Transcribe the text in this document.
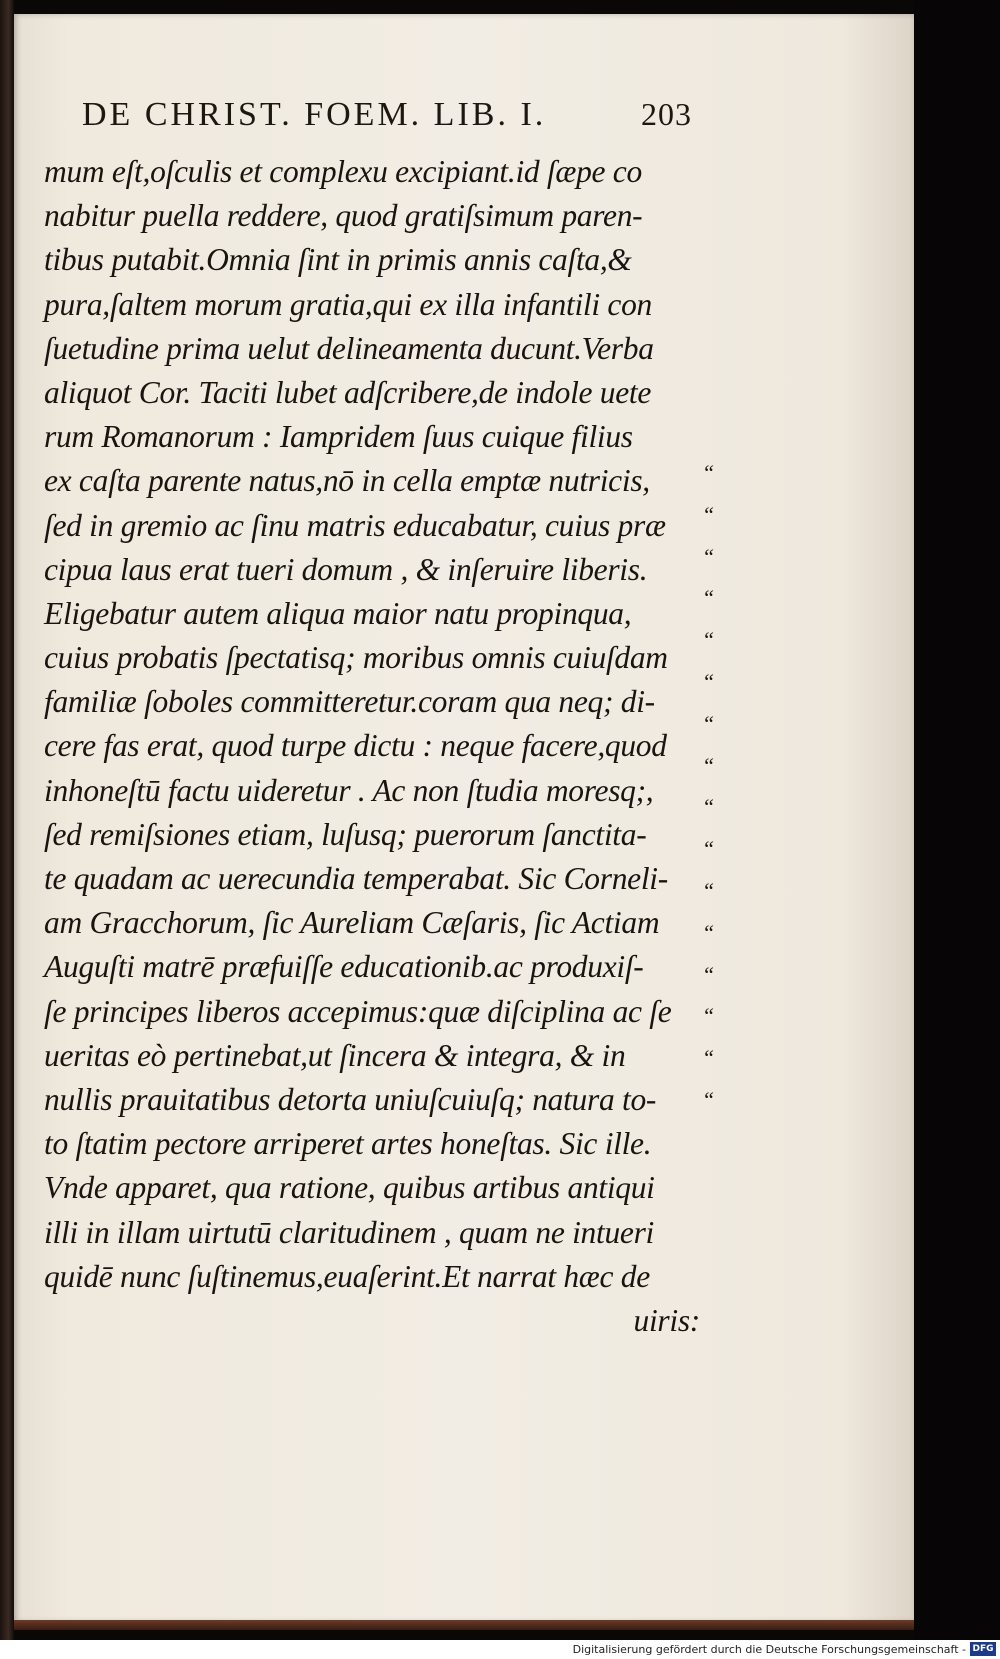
DE CHRIST. FOEM. LIB. I.	203
mum eſt,oſculis et complexu excipiant.id ſæpe co
nabitur puella reddere, quod gratiſsimum paren-
tibus putabit.Omnia ſint in primis annis caſta,&
pura,ſaltem morum gratia,qui ex illa infantili con
ſuetudine prima uelut delineamenta ducunt.Verba
aliquot Cor. Taciti lubet adſcribere,de indole uete
rum Romanorum : Iampridem ſuus cuique filius
ex caſta parente natus,nō in cella emptæ nutricis,
ſed in gremio ac ſinu matris educabatur, cuius præ
cipua laus erat tueri domum , & inſeruire liberis.
Eligebatur autem aliqua maior natu propinqua,
cuius probatis ſpectatisq; moribus omnis cuiuſdam
familiæ ſoboles committeretur.coram qua neq; di-
cere fas erat, quod turpe dictu : neque facere,quod
inhoneſtū factu uideretur . Ac non ſtudia moresq;,
ſed remiſsiones etiam, luſusq; puerorum ſanctita-
te quadam ac uerecundia temperabat. Sic Corneli-
am Gracchorum, ſic Aureliam Cæſaris, ſic Actiam
Auguſti matrē præfuiſſe educationib.ac produxiſ-
ſe principes liberos accepimus:quæ diſciplina ac ſe
ueritas eò pertinebat,ut ſincera & integra, & in
nullis prauitatibus detorta uniuſcuiuſq; natura to-
to ſtatim pectore arriperet artes honeſtas. Sic ille.
Vnde apparet, qua ratione, quibus artibus antiqui
illi in illam uirtutū claritudinem , quam ne intueri
quidē nunc ſuſtinemus,euaſerint.Et narrat hæc de
uiris:
“
“
“
“
“
“
“
“
“
“
“
“
“
“
“
“
Digitalisierung gefördert durch die Deutsche Forschungsgemeinschaft - DFG
